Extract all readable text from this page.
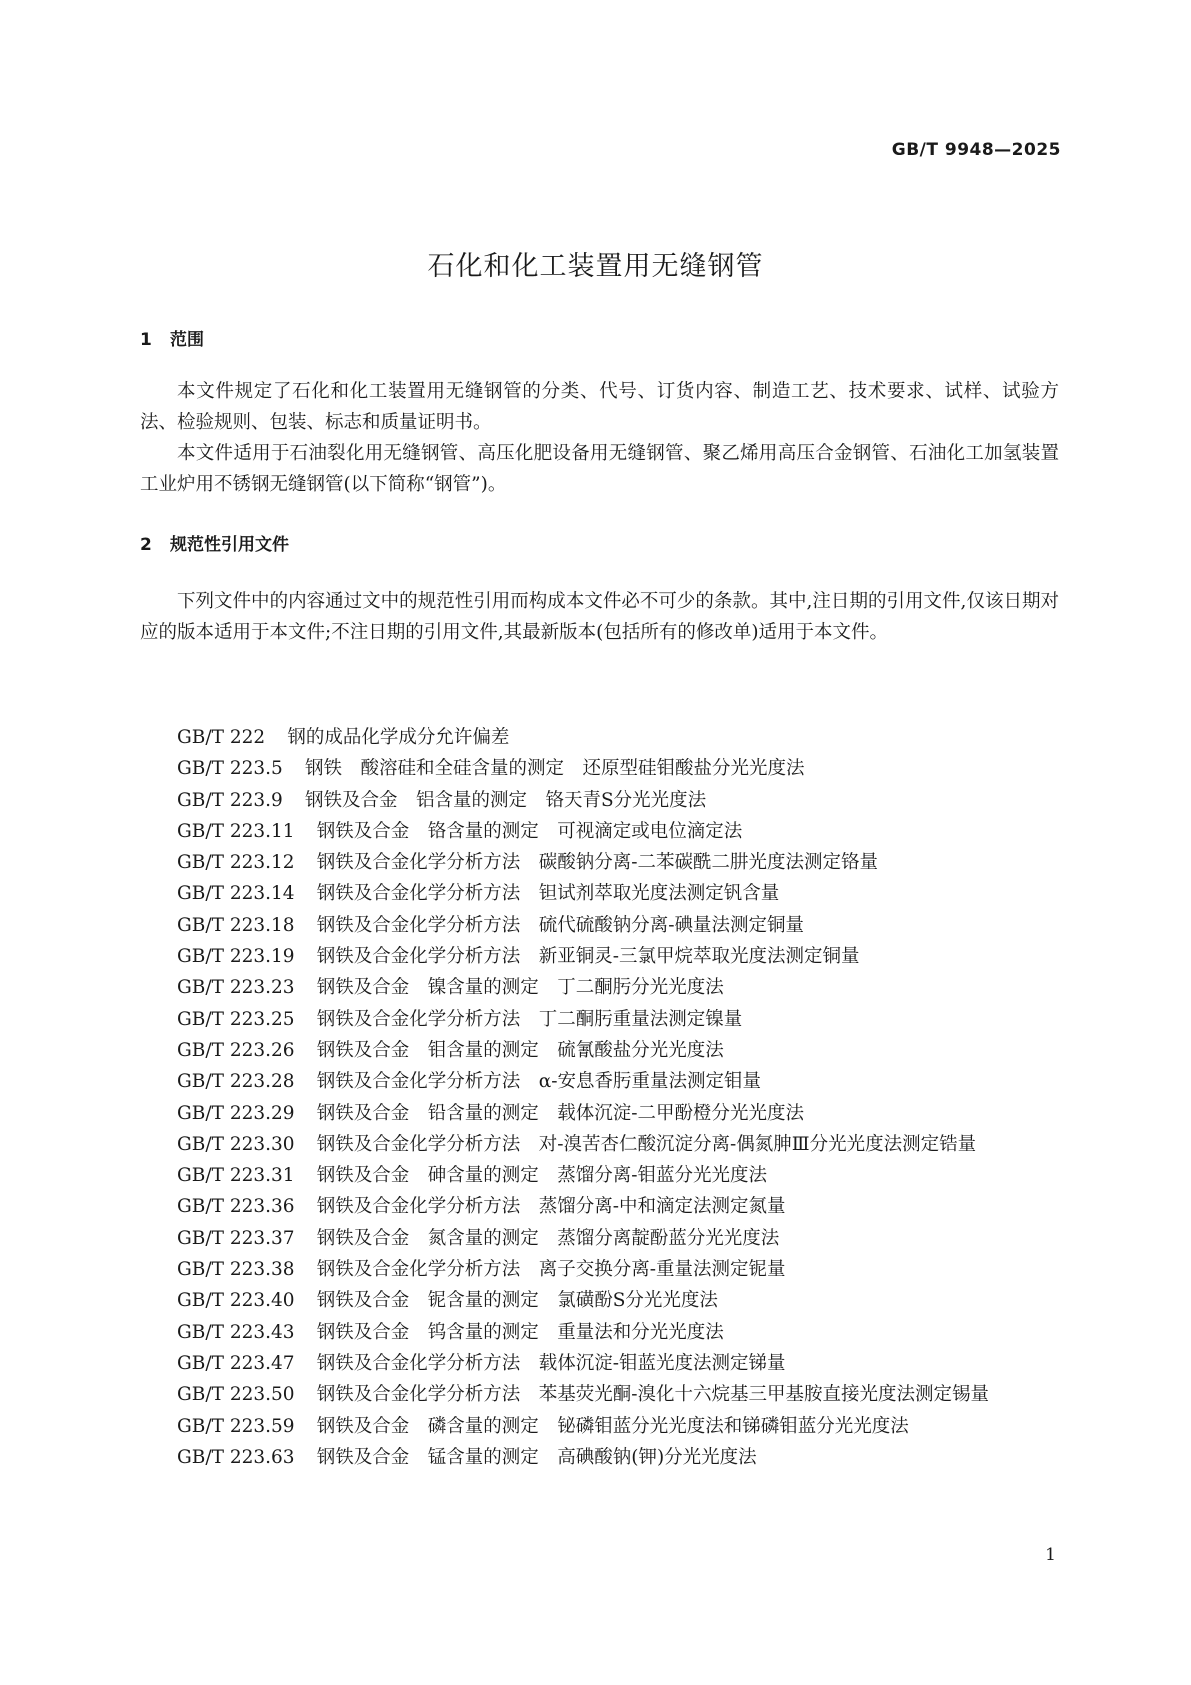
GB/T 9948—2025
石化和化工装置用无缝钢管
1 范围

本文件规定了石化和化工装置用无缝钢管的分类、代号、订货内容、制造工艺、技术要求、试样、试验方法、检验规则、包装、标志和质量证明书。

本文件适用于石油裂化用无缝钢管、高压化肥设备用无缝钢管、聚乙烯用高压合金钢管、石油化工加氢装置工业炉用不锈钢无缝钢管(以下简称“钢管”)。

2 规范性引用文件

下列文件中的内容通过文中的规范性引用而构成本文件必不可少的条款。其中,注日期的引用文件,仅该日期对应的版本适用于本文件;不注日期的引用文件,其最新版本(包括所有的修改单)适用于本文件。

GB/T 222 钢的成品化学成分允许偏差

GB/T 223.5 钢铁　酸溶硅和全硅含量的测定　还原型硅钼酸盐分光光度法

GB/T 223.9 钢铁及合金　铝含量的测定　铬天青S分光光度法

GB/T 223.11 钢铁及合金　铬含量的测定　可视滴定或电位滴定法

GB/T 223.12 钢铁及合金化学分析方法　碳酸钠分离-二苯碳酰二肼光度法测定铬量

GB/T 223.14 钢铁及合金化学分析方法　钽试剂萃取光度法测定钒含量

GB/T 223.18 钢铁及合金化学分析方法　硫代硫酸钠分离-碘量法测定铜量

GB/T 223.19 钢铁及合金化学分析方法　新亚铜灵-三氯甲烷萃取光度法测定铜量

GB/T 223.23 钢铁及合金　镍含量的测定　丁二酮肟分光光度法

GB/T 223.25 钢铁及合金化学分析方法　丁二酮肟重量法测定镍量

GB/T 223.26 钢铁及合金　钼含量的测定　硫氰酸盐分光光度法

GB/T 223.28 钢铁及合金化学分析方法　α-安息香肟重量法测定钼量

GB/T 223.29 钢铁及合金　铅含量的测定　载体沉淀-二甲酚橙分光光度法

GB/T 223.30 钢铁及合金化学分析方法　对-溴苦杏仁酸沉淀分离-偶氮胂Ⅲ分光光度法测定锆量

GB/T 223.31 钢铁及合金　砷含量的测定　蒸馏分离-钼蓝分光光度法

GB/T 223.36 钢铁及合金化学分析方法　蒸馏分离-中和滴定法测定氮量

GB/T 223.37 钢铁及合金　氮含量的测定　蒸馏分离靛酚蓝分光光度法

GB/T 223.38 钢铁及合金化学分析方法　离子交换分离-重量法测定铌量

GB/T 223.40 钢铁及合金　铌含量的测定　氯磺酚S分光光度法

GB/T 223.43 钢铁及合金　钨含量的测定　重量法和分光光度法

GB/T 223.47 钢铁及合金化学分析方法　载体沉淀-钼蓝光度法测定锑量

GB/T 223.50 钢铁及合金化学分析方法　苯基荧光酮-溴化十六烷基三甲基胺直接光度法测定锡量

GB/T 223.59 钢铁及合金　磷含量的测定　铋磷钼蓝分光光度法和锑磷钼蓝分光光度法

GB/T 223.63 钢铁及合金　锰含量的测定　高碘酸钠(钾)分光光度法

1
